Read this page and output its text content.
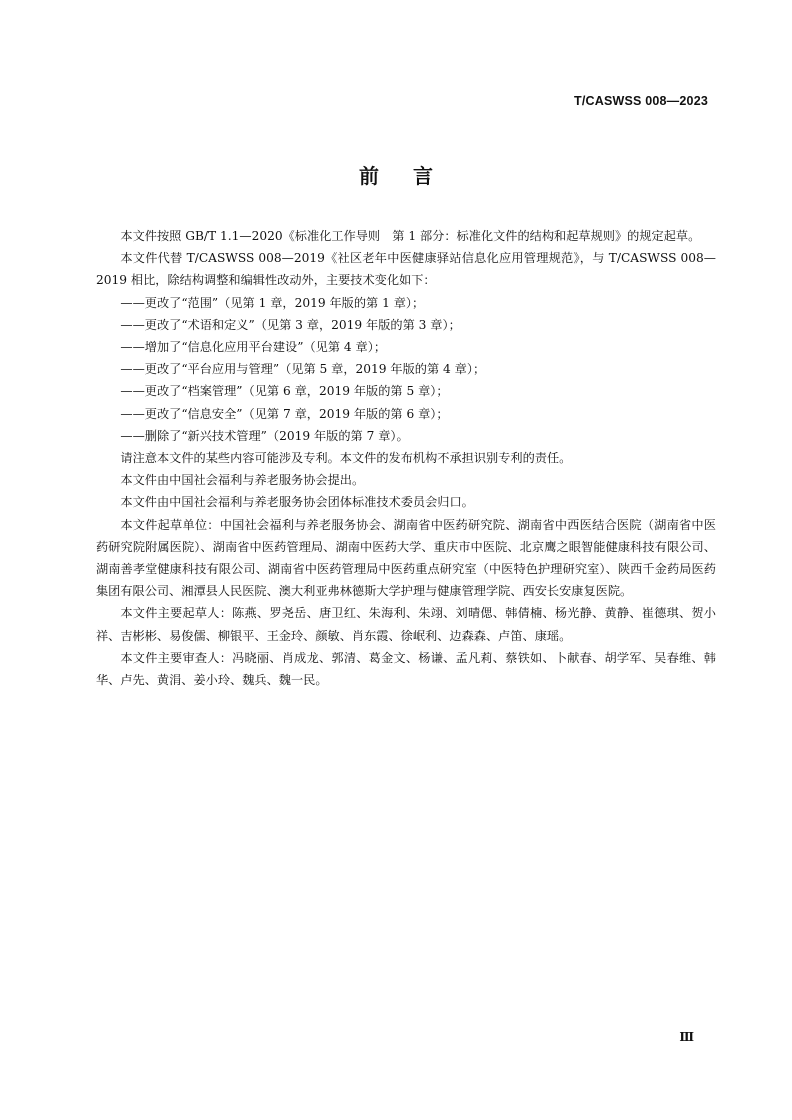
T/CASWSS 008—2023
前言

本文件按照 GB/T 1.1—2020《标准化工作导则　第 1 部分：标准化文件的结构和起草规则》的规定起草。

本文件代替 T/CASWSS 008—2019《社区老年中医健康驿站信息化应用管理规范》，与 T/CASWSS 008—2019 相比，除结构调整和编辑性改动外，主要技术变化如下：

——更改了“范围”（见第 1 章，2019 年版的第 1 章）；

——更改了“术语和定义”（见第 3 章，2019 年版的第 3 章）；

——增加了“信息化应用平台建设”（见第 4 章）；

——更改了“平台应用与管理”（见第 5 章，2019 年版的第 4 章）；

——更改了“档案管理”（见第 6 章，2019 年版的第 5 章）；

——更改了“信息安全”（见第 7 章，2019 年版的第 6 章）；

——删除了“新兴技术管理”（2019 年版的第 7 章）。

请注意本文件的某些内容可能涉及专利。本文件的发布机构不承担识别专利的责任。

本文件由中国社会福利与养老服务协会提出。

本文件由中国社会福利与养老服务协会团体标准技术委员会归口。

本文件起草单位：中国社会福利与养老服务协会、湖南省中医药研究院、湖南省中西医结合医院（湖南省中医药研究院附属医院）、湖南省中医药管理局、湖南中医药大学、重庆市中医院、北京鹰之眼智能健康科技有限公司、湖南善孝堂健康科技有限公司、湖南省中医药管理局中医药重点研究室（中医特色护理研究室）、陕西千金药局医药集团有限公司、湘潭县人民医院、澳大利亚弗林德斯大学护理与健康管理学院、西安长安康复医院。

本文件主要起草人：陈燕、罗尧岳、唐卫红、朱海利、朱翊、刘晴偲、韩倩楠、杨光静、黄静、崔德琪、贺小祥、吉彬彬、易俊儒、柳银平、王金玲、颜敏、肖东霞、徐岷利、边森森、卢笛、康瑶。

本文件主要审查人：冯晓丽、肖成龙、郭清、葛金文、杨谦、孟凡莉、蔡铁如、卜献春、胡学军、吴春维、韩华、卢先、黄涓、姜小玲、魏兵、魏一民。

Ⅲ
